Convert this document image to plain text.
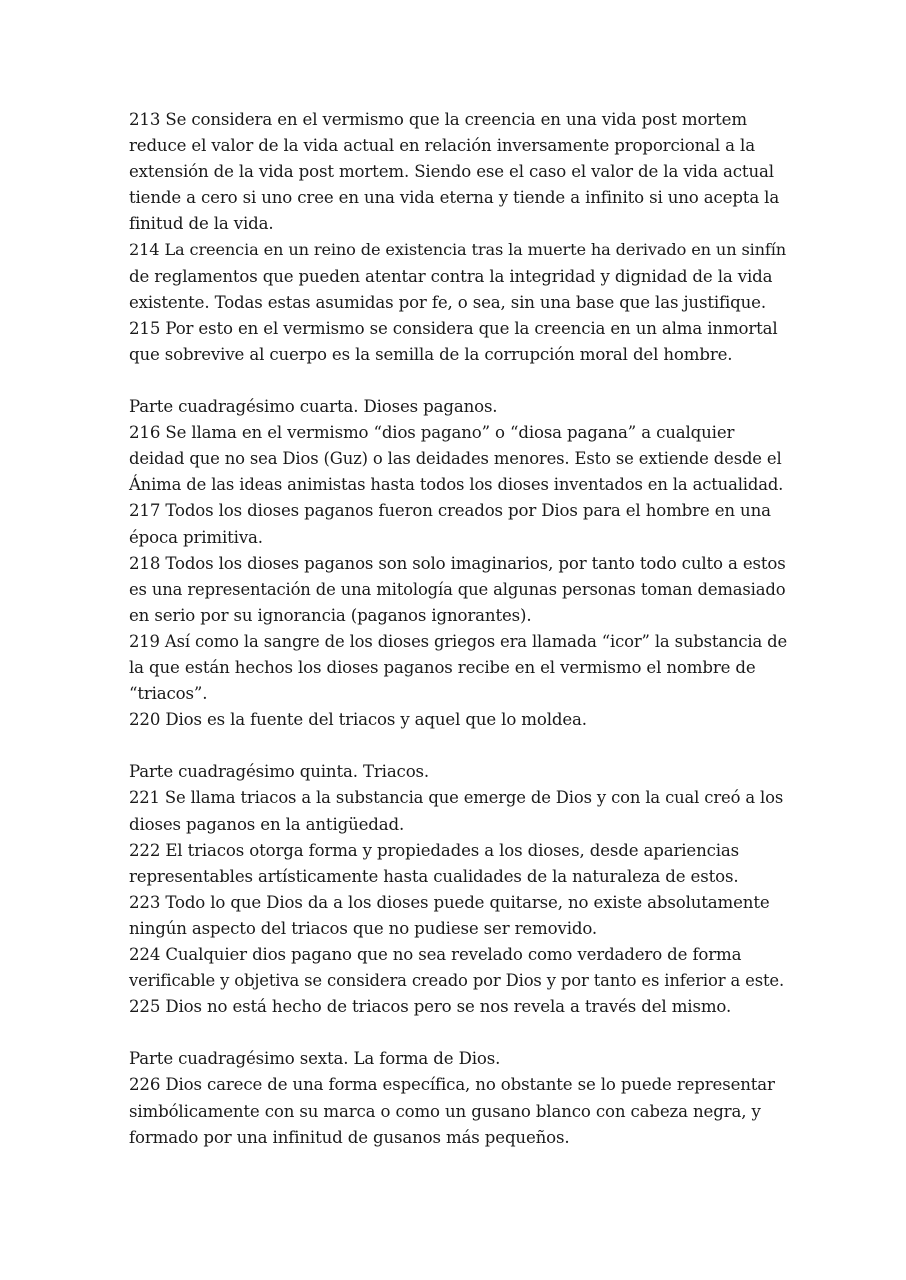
213 Se considera en el vermismo que la creencia en una vida post mortem
reduce el valor de la vida actual en relación inversamente proporcional a la
extensión de la vida post mortem. Siendo ese el caso el valor de la vida actual
tiende a cero si uno cree en una vida eterna y tiende a infinito si uno acepta la
finitud de la vida.
214 La creencia en un reino de existencia tras la muerte ha derivado en un sinfín
de reglamentos que pueden atentar contra la integridad y dignidad de la vida
existente. Todas estas asumidas por fe, o sea, sin una base que las justifique.
215 Por esto en el vermismo se considera que la creencia en un alma inmortal
que sobrevive al cuerpo es la semilla de la corrupción moral del hombre.
Parte cuadragésimo cuarta. Dioses paganos.
216 Se llama en el vermismo “dios pagano” o “diosa pagana” a cualquier
deidad que no sea Dios (Guz) o las deidades menores. Esto se extiende desde el
Ánima de las ideas animistas hasta todos los dioses inventados en la actualidad.
217 Todos los dioses paganos fueron creados por Dios para el hombre en una
época primitiva.
218 Todos los dioses paganos son solo imaginarios, por tanto todo culto a estos
es una representación de una mitología que algunas personas toman demasiado
en serio por su ignorancia (paganos ignorantes).
219 Así como la sangre de los dioses griegos era llamada “icor” la substancia de
la que están hechos los dioses paganos recibe en el vermismo el nombre de
“triacos”.
220 Dios es la fuente del triacos y aquel que lo moldea.
Parte cuadragésimo quinta. Triacos.
221 Se llama triacos a la substancia que emerge de Dios y con la cual creó a los
dioses paganos en la antigüedad.
222 El triacos otorga forma y propiedades a los dioses, desde apariencias
representables artísticamente hasta cualidades de la naturaleza de estos.
223 Todo lo que Dios da a los dioses puede quitarse, no existe absolutamente
ningún aspecto del triacos que no pudiese ser removido.
224 Cualquier dios pagano que no sea revelado como verdadero de forma
verificable y objetiva se considera creado por Dios y por tanto es inferior a este.
225 Dios no está hecho de triacos pero se nos revela a través del mismo.
Parte cuadragésimo sexta. La forma de Dios.
226 Dios carece de una forma específica, no obstante se lo puede representar
simbólicamente con su marca o como un gusano blanco con cabeza negra, y
formado por una infinitud de gusanos más pequeños.
